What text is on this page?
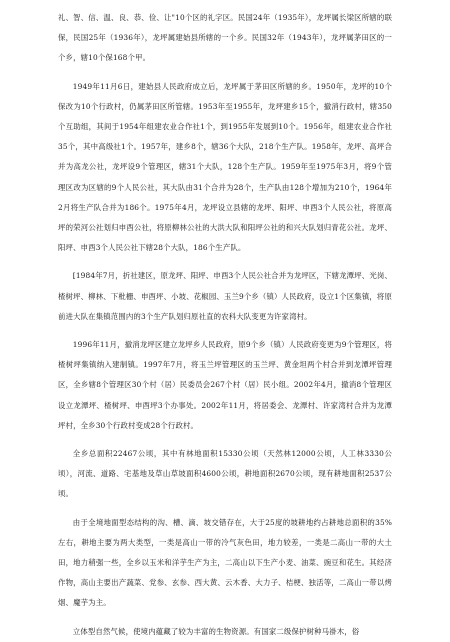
礼、智、信、温、良、恭、俭、让"10个区的礼字区。民国24年（1935年），龙坪属长梁区所辖的联保，民国25年（1936年），龙坪属建始县所辖的一个乡。民国32年（1943年），龙坪属茅田区的一个乡，辖10个保168个甲。

1949年11月6日，建始县人民政府成立后，龙坪属于茅田区所辖的乡。1950年，龙坪的10个保改为10个行政村，仍属茅田区所管辖。1953年至1955年，龙坪建乡15个，撤消行政村，辖350个互助组，其间于1954年组建农业合作社1个，到1955年发展到10个。1956年，组建农业合作社35个，其中高级社1个。1957年，建乡8个，辖36个大队，218个生产队。1958年，龙坪、高坪合并为高龙公社，龙坪设9个管理区，辖31个大队，128个生产队。1959年至1975年3月，将9个管理区改为区辖的9个人民公社，其大队由31个合并为28个，生产队由128个增加为210个，1964年2月将生产队合并为186个。1975年4月，龙坪设立县辖的龙坪、阳坪、申酉3个人民公社，将原高坪的荣河公社划归申酉公社，将原柳林公社的大洪大队和阳坪公社的和兴大队划归青花公社。龙坪、阳坪、申酉3个人民公社下辖28个大队，186个生产队。

[1984年7月，折社建区，原龙坪、阳坪、申酉3个人民公社合并为龙坪区，下辖龙潭坪、光岗、楂树坪、柳林、下枇栅、申酉坪、小坡、花椒园、玉兰9个乡（镇）人民政府，设立1个区集镇，将原前进大队在集镇范围内的3个生产队划归原社直的农科大队变更为许家湾村。

1996年11月，撤消龙坪区建立龙坪乡人民政府，原9个乡（镇）人民政府变更为9个管理区，将楂树坪集镇纳入建制镇。1997年7月，将玉兰坪管理区的玉兰坪、黄金坦两个村合并到龙潭坪管理区，全乡辖8个管理区30个村（居）民委员会267个村（居）民小组。2002年4月，撤消8个管理区设立龙潭坪、楂树坪、申酉坪3个办事处。2002年11月，将居委会、龙潭村、许家湾村合并为龙潭坪村，全乡30个行政村变成28个行政村。

全乡总面积22467公顷，其中有林地面积15330公顷（天然林12000公顷，人工林3330公顷），河流、道路、宅基地及草山草坡面积4600公顷，耕地面积2670公顷，现有耕地面积2537公顷。

由于全境地面型态结构的沟、槽、滴、坡交错存在，大于25度的坡耕地约占耕地总面积的35%左右，耕地主要为两大类型，一类是高山一带的冷气灰色田，地力较差，一类是二高山一带的大土田，地力稍强一些，全乡以玉米和洋芋生产为主，二高山以下生产小麦、油菜、豌豆和花生。其经济作物，高山主要出产蔬菜、党参、玄参、西大黄、云木香、大力子、桔梗、独活等，二高山一带以烤烟、魔芋为主。

立体型自然气候，使境内蕴藏了较为丰富的生物资源。有国家二级保护树种马褂木，俗
